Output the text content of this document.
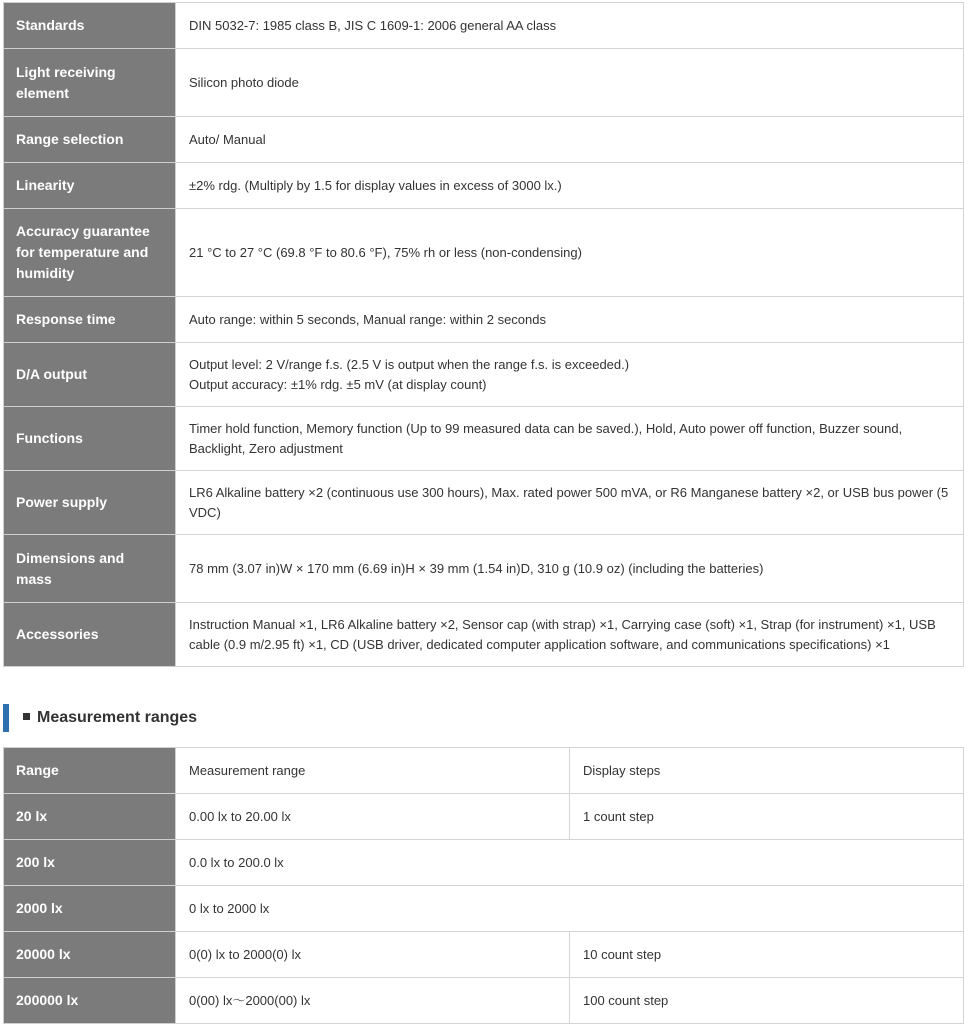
Standards	DIN 5032-7: 1985 class B, JIS C 1609-1: 2006 general AA class
Light receiving element	Silicon photo diode
Range selection	Auto/ Manual
Linearity	±2% rdg. (Multiply by 1.5 for display values in excess of 3000 lx.)
Accuracy guarantee for temperature and humidity	21 °C to 27 °C (69.8 °F to 80.6 °F), 75% rh or less (non-condensing)
Response time	Auto range: within 5 seconds, Manual range: within 2 seconds
D/A output	Output level: 2 V/range f.s. (2.5 V is output when the range f.s. is exceeded.)
Output accuracy: ±1% rdg. ±5 mV (at display count)

Functions	Timer hold function, Memory function (Up to 99 measured data can be saved.), Hold, Auto power off function, Buzzer sound, Backlight, Zero adjustment
Power supply	LR6 Alkaline battery ×2 (continuous use 300 hours), Max. rated power 500 mVA, or R6 Manganese battery ×2, or USB bus power (5 VDC)
Dimensions and mass	78 mm (3.07 in)W × 170 mm (6.69 in)H × 39 mm (1.54 in)D, 310 g (10.9 oz) (including the batteries)
Accessories	Instruction Manual ×1, LR6 Alkaline battery ×2, Sensor cap (with strap) ×1, Carrying case (soft) ×1, Strap (for instrument) ×1, USB cable (0.9 m/2.95 ft) ×1, CD (USB driver, dedicated computer application software, and communications specifications) ×1
Measurement ranges
Range	Measurement range	Display steps
20 lx	0.00 lx to 20.00 lx	1 count step
200 lx	0.0 lx to 200.0 lx	
2000 lx	0 lx to 2000 lx	
20000 lx	0(0) lx to 2000(0) lx	10 count step
200000 lx	0(00) lx～2000(00) lx	100 count step
